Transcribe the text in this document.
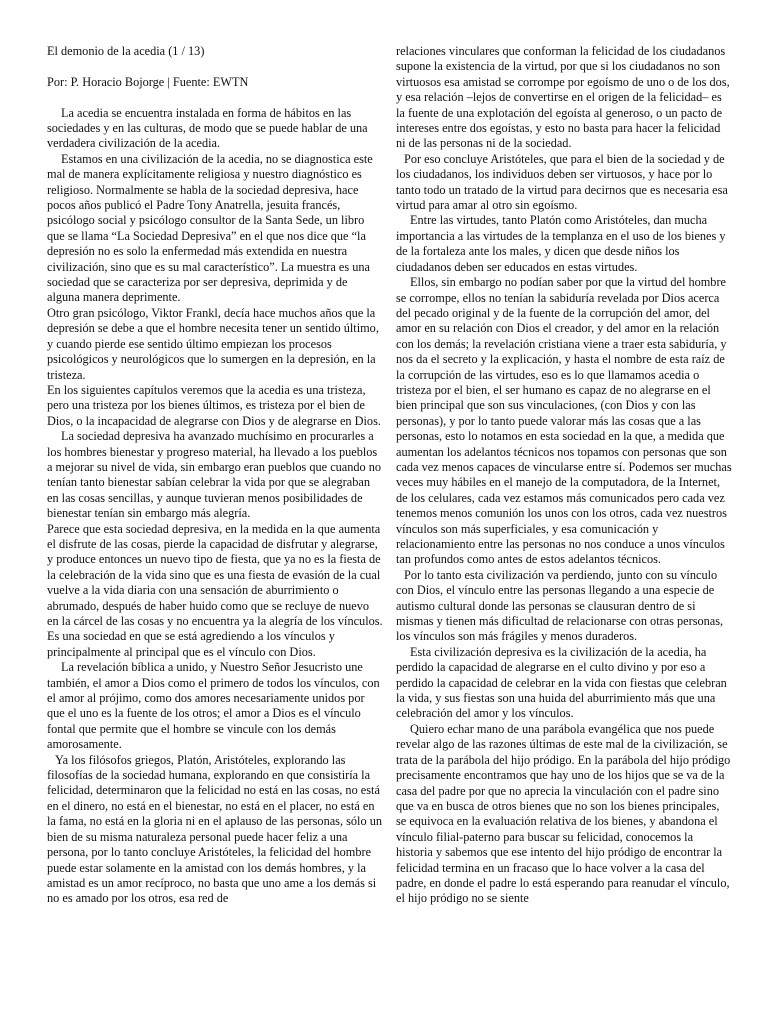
El demonio de la acedia (1 / 13)

Por: P. Horacio Bojorge | Fuente: EWTN

La acedia se encuentra instalada en forma de hábitos en las sociedades y en las culturas, de modo que se puede hablar de una verdadera civilización de la acedia.

Estamos en una civilización de la acedia, no se diagnostica este mal de manera explícitamente religiosa y nuestro diagnóstico es religioso. Normalmente se habla de la sociedad depresiva, hace pocos años publicó el Padre Tony Anatrella, jesuita francés, psicólogo social y psicólogo consultor de la Santa Sede, un libro que se llama “La Sociedad Depresiva” en el que nos dice que “la depresión no es solo la enfermedad más extendida en nuestra civilización, sino que es su mal característico”. La muestra es una sociedad que se caracteriza por ser depresiva, deprimida y de alguna manera deprimente.

Otro gran psicólogo, Viktor Frankl, decía hace muchos años que la depresión se debe a que el hombre necesita tener un sentido último, y cuando pierde ese sentido último empiezan los procesos psicológicos y neurológicos que lo sumergen en la depresión, en la tristeza.

En los siguientes capítulos veremos que la acedia es una tristeza, pero una tristeza por los bienes últimos, es tristeza por el bien de Dios, o la incapacidad de alegrarse con Dios y de alegrarse en Dios.

La sociedad depresiva ha avanzado muchísimo en procurarles a los hombres bienestar y progreso material, ha llevado a los pueblos a mejorar su nivel de vida, sin embargo eran pueblos que cuando no tenían tanto bienestar sabían celebrar la vida por que se alegraban en las cosas sencillas, y aunque tuvieran menos posibilidades de bienestar tenían sin embargo más alegría.

Parece que esta sociedad depresiva, en la medida en la que aumenta el disfrute de las cosas, pierde la capacidad de disfrutar y alegrarse, y produce entonces un nuevo tipo de fiesta, que ya no es la fiesta de la celebración de la vida sino que es una fiesta de evasión de la cual vuelve a la vida diaria con una sensación de aburrimiento o abrumado, después de haber huido como que se recluye de nuevo en la cárcel de las cosas y no encuentra ya la alegría de los vínculos. Es una sociedad en que se está agrediendo a los vínculos y principalmente al principal que es el vínculo con Dios.

La revelación bíblica a unido, y Nuestro Señor Jesucristo une también, el amor a Dios como el primero de todos los vínculos, con el amor al prójimo, como dos amores necesariamente unidos por que el uno es la fuente de los otros; el amor a Dios es el vínculo fontal que permite que el hombre se vincule con los demás amorosamente.

Ya los filósofos griegos, Platón, Aristóteles, explorando las filosofías de la sociedad humana, explorando en que consistiría la felicidad, determinaron que la felicidad no está en las cosas, no está en el dinero, no está en el bienestar, no está en el placer, no está en la fama, no está en la gloria ni en el aplauso de las personas, sólo un bien de su misma naturaleza personal puede hacer feliz a una persona, por lo tanto concluye Aristóteles, la felicidad del hombre puede estar solamente en la amistad con los demás hombres, y la amistad es un amor recíproco, no basta que uno ame a los demás si no es amado por los otros, esa red de

relaciones vinculares que conforman la felicidad de los ciudadanos supone la existencia de la virtud, por que si los ciudadanos no son virtuosos esa amistad se corrompe por egoísmo de uno o de los dos, y esa relación –lejos de convertirse en el origen de la felicidad– es la fuente de una explotación del egoísta al generoso, o un pacto de intereses entre dos egoístas, y esto no basta para hacer la felicidad ni de las personas ni de la sociedad.

Por eso concluye Aristóteles, que para el bien de la sociedad y de los ciudadanos, los individuos deben ser virtuosos, y hace por lo tanto todo un tratado de la virtud para decirnos que es necesaria esa virtud para amar al otro sin egoísmo.

Entre las virtudes, tanto Platón como Aristóteles, dan mucha importancia a las virtudes de la templanza en el uso de los bienes y de la fortaleza ante los males, y dicen que desde niños los ciudadanos deben ser educados en estas virtudes.

Ellos, sin embargo no podían saber por que la virtud del hombre se corrompe, ellos no tenían la sabiduría revelada por Dios acerca del pecado original y de la fuente de la corrupción del amor, del amor en su relación con Dios el creador, y del amor en la relación con los demás; la revelación cristiana viene a traer esta sabiduría, y nos da el secreto y la explicación, y hasta el nombre de esta raíz de la corrupción de las virtudes, eso es lo que llamamos acedia o tristeza por el bien, el ser humano es capaz de no alegrarse en el bien principal que son sus vinculaciones, (con Dios y con las personas), y por lo tanto puede valorar más las cosas que a las personas, esto lo notamos en esta sociedad en la que, a medida que aumentan los adelantos técnicos nos topamos con personas que son cada vez menos capaces de vincularse entre sí. Podemos ser muchas veces muy hábiles en el manejo de la computadora, de la Internet, de los celulares, cada vez estamos más comunicados pero cada vez tenemos menos comunión los unos con los otros, cada vez nuestros vínculos son más superficiales, y esa comunicación y relacionamiento entre las personas no nos conduce a unos vínculos tan profundos como antes de estos adelantos técnicos.

Por lo tanto esta civilización va perdiendo, junto con su vínculo con Dios, el vínculo entre las personas llegando a una especie de autismo cultural donde las personas se clausuran dentro de si mismas y tienen más dificultad de relacionarse con otras personas, los vínculos son más frágiles y menos duraderos.

Esta civilización depresiva es la civilización de la acedia, ha perdido la capacidad de alegrarse en el culto divino y por eso a perdido la capacidad de celebrar en la vida con fiestas que celebran la vida, y sus fiestas son una huida del aburrimiento más que una celebración del amor y los vínculos.

Quiero echar mano de una parábola evangélica que nos puede revelar algo de las razones últimas de este mal de la civilización, se trata de la parábola del hijo pródigo. En la parábola del hijo pródigo precisamente encontramos que hay uno de los hijos que se va de la casa del padre por que no aprecia la vinculación con el padre sino que va en busca de otros bienes que no son los bienes principales, se equivoca en la evaluación relativa de los bienes, y abandona el vínculo filial-paterno para buscar su felicidad, conocemos la historia y sabemos que ese intento del hijo pródigo de encontrar la felicidad termina en un fracaso que lo hace volver a la casa del padre, en donde el padre lo está esperando para reanudar el vínculo, el hijo pródigo no se siente
